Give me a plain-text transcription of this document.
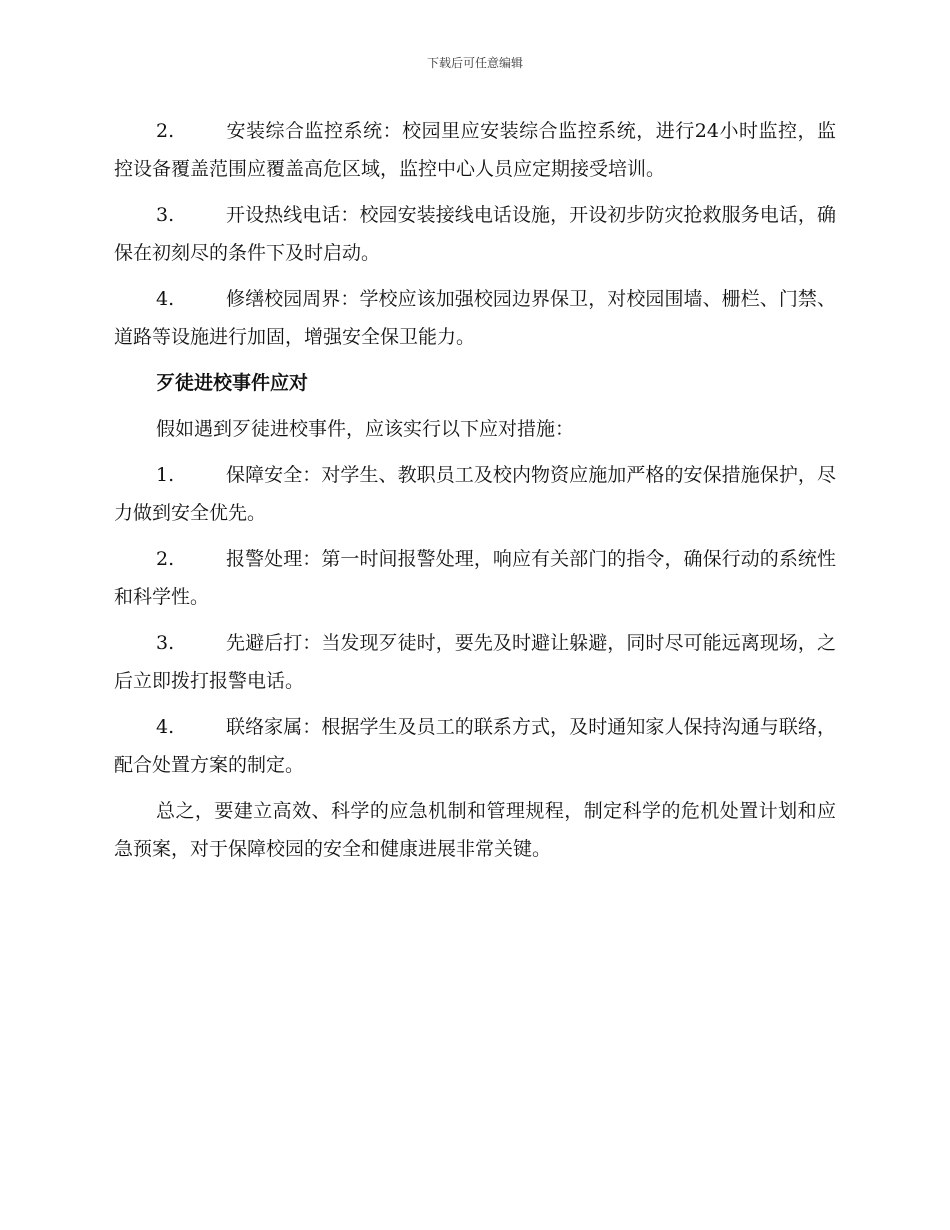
下载后可任意编辑

2.	安装综合监控系统：校园里应安装综合监控系统，进行24小时监控，监控设备覆盖范围应覆盖高危区域，监控中心人员应定期接受培训。

3.	开设热线电话：校园安装接线电话设施，开设初步防灾抢救服务电话，确保在初刻尽的条件下及时启动。

4.	修缮校园周界：学校应该加强校园边界保卫，对校园围墙、栅栏、门禁、道路等设施进行加固，增强安全保卫能力。

歹徒进校事件应对

假如遇到歹徒进校事件，应该实行以下应对措施：

1.	保障安全：对学生、教职员工及校内物资应施加严格的安保措施保护，尽力做到安全优先。

2.	报警处理：第一时间报警处理，响应有关部门的指令，确保行动的系统性和科学性。

3.	先避后打：当发现歹徒时，要先及时避让躲避，同时尽可能远离现场，之后立即拨打报警电话。

4.	联络家属：根据学生及员工的联系方式，及时通知家人保持沟通与联络，配合处置方案的制定。

总之，要建立高效、科学的应急机制和管理规程，制定科学的危机处置计划和应急预案，对于保障校园的安全和健康进展非常关键。
